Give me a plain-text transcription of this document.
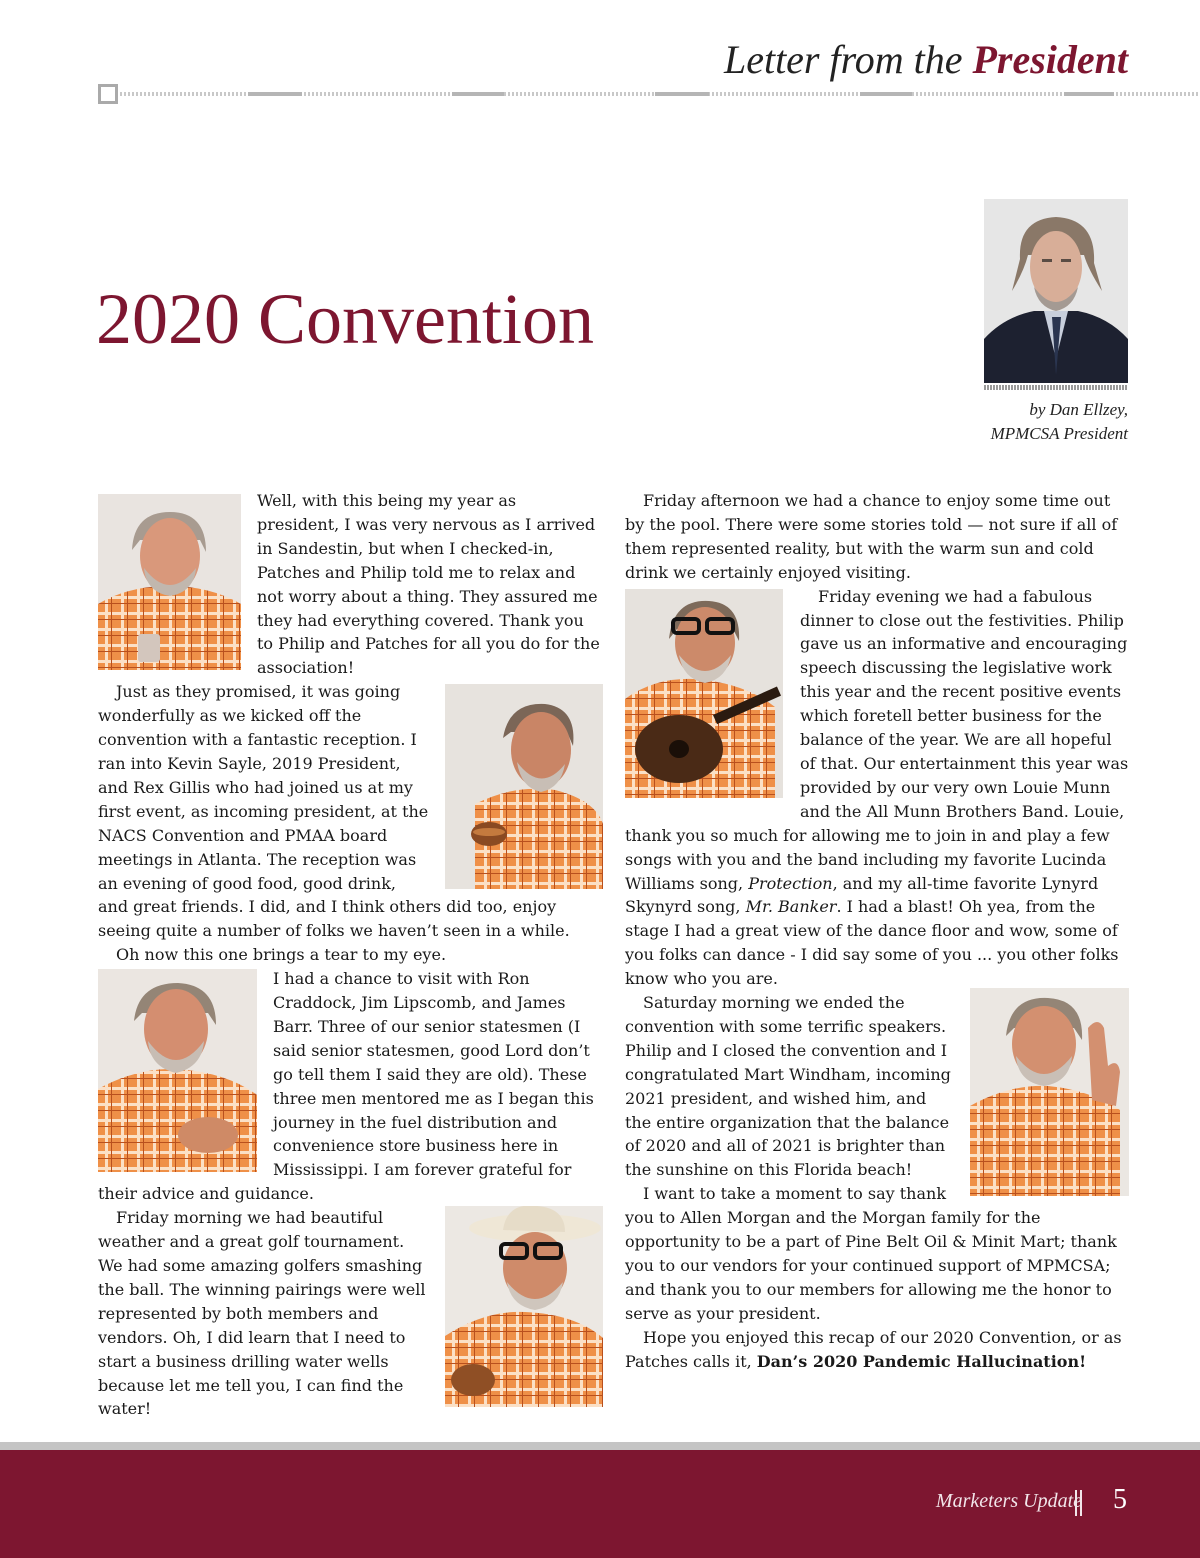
Letter from the President
2020 Convention
by Dan Ellzey,
MPMCSA President

Well, with this being my year as president, I was very nervous as I arrived in Sandestin, but when I checked-in, Patches and Philip told me to relax and not worry about a thing. They assured me they had everything covered. Thank you to Philip and Patches for all you do for the association!

Just as they promised, it was going wonderfully as we kicked off the convention with a fantastic reception. I ran into Kevin Sayle, 2019 President, and Rex Gillis who had joined us at my first event, as incoming president, at the NACS Convention and PMAA board meetings in Atlanta. The reception was an evening of good food, good drink, and great friends. I did, and I think others did too, enjoy seeing quite a number of folks we haven’t seen in a while.

Oh now this one brings a tear to my eye.

I had a chance to visit with Ron Craddock, Jim Lipscomb, and James Barr. Three of our senior statesmen (I said senior statesmen, good Lord don’t go tell them I said they are old). These three men mentored me as I began this journey in the fuel distribution and convenience store business here in Mississippi. I am forever grateful for their advice and guidance.

Friday morning we had beautiful weather and a great golf tournament. We had some amazing golfers smashing the ball. The winning pairings were well represented by both members and vendors. Oh, I did learn that I need to start a business drilling water wells because let me tell you, I can find the water!

Friday afternoon we had a chance to enjoy some time out by the pool. There were some stories told — not sure if all of them represented reality, but with the warm sun and cold drink we certainly enjoyed visiting.

Friday evening we had a fabulous dinner to close out the festivities. Philip gave us an informative and encouraging speech discussing the legislative work this year and the recent positive events which foretell better business for the balance of the year. We are all hopeful of that. Our entertainment this year was provided by our very own Louie Munn and the All Munn Brothers Band. Louie, thank you so much for allowing me to join in and play a few songs with you and the band including my favorite Lucinda Williams song, Protection, and my all-time favorite Lynyrd Skynyrd song, Mr. Banker. I had a blast! Oh yea, from the stage I had a great view of the dance floor and wow, some of you folks can dance - I did say some of you ... you other folks know who you are.

Saturday morning we ended the convention with some terrific speakers. Philip and I closed the convention and I congratulated Mart Windham, incoming 2021 president, and wished him, and the entire organization that the balance of 2020 and all of 2021 is brighter than the sunshine on this Florida beach!

I want to take a moment to say thank you to Allen Morgan and the Morgan family for the opportunity to be a part of Pine Belt Oil & Minit Mart; thank you to our vendors for your continued support of MPMCSA; and thank you to our members for allowing me the honor to serve as your president.

Hope you enjoyed this recap of our 2020 Convention, or as Patches calls it, Dan’s 2020 Pandemic Hallucination!

Marketers Update 5
